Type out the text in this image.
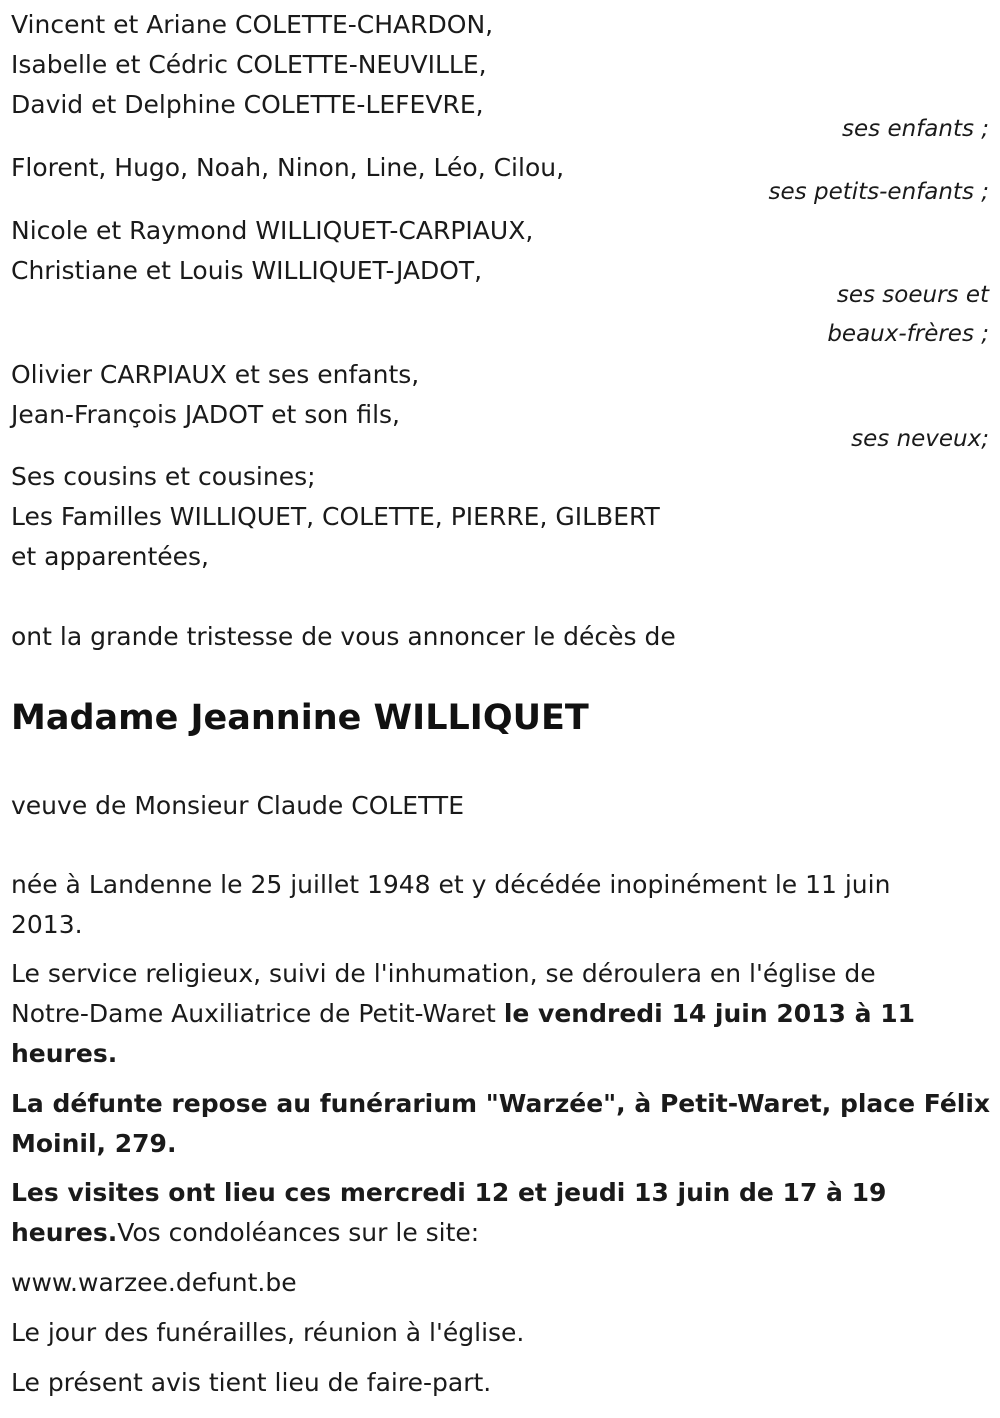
Vincent et Ariane COLETTE-CHARDON,

Isabelle et Cédric COLETTE-NEUVILLE,

David et Delphine COLETTE-LEFEVRE,

ses enfants ;

Florent, Hugo, Noah, Ninon, Line, Léo, Cilou,

ses petits-enfants ;

Nicole et Raymond WILLIQUET-CARPIAUX,

Christiane et Louis WILLIQUET-JADOT,

ses soeurs et

beaux-frères ;

Olivier CARPIAUX et ses enfants,

Jean-François JADOT et son fils,

ses neveux;

Ses cousins et cousines;

Les Familles WILLIQUET, COLETTE, PIERRE, GILBERT

et apparentées,

ont la grande tristesse de vous annoncer le décès de

Madame Jeannine WILLIQUET

veuve de Monsieur Claude COLETTE

née à Landenne le 25 juillet 1948 et y décédée inopinément le 11 juin

2013.

Le service religieux, suivi de l'inhumation, se déroulera en l'église de

Notre-Dame Auxiliatrice de Petit-Waret le vendredi 14 juin 2013 à 11

heures.

La défunte repose au funérarium "Warzée", à Petit-Waret, place Félix

Moinil, 279.

Les visites ont lieu ces mercredi 12 et jeudi 13 juin de 17 à 19

heures.Vos condoléances sur le site:

www.warzee.defunt.be

Le jour des funérailles, réunion à l'église.

Le présent avis tient lieu de faire-part.
